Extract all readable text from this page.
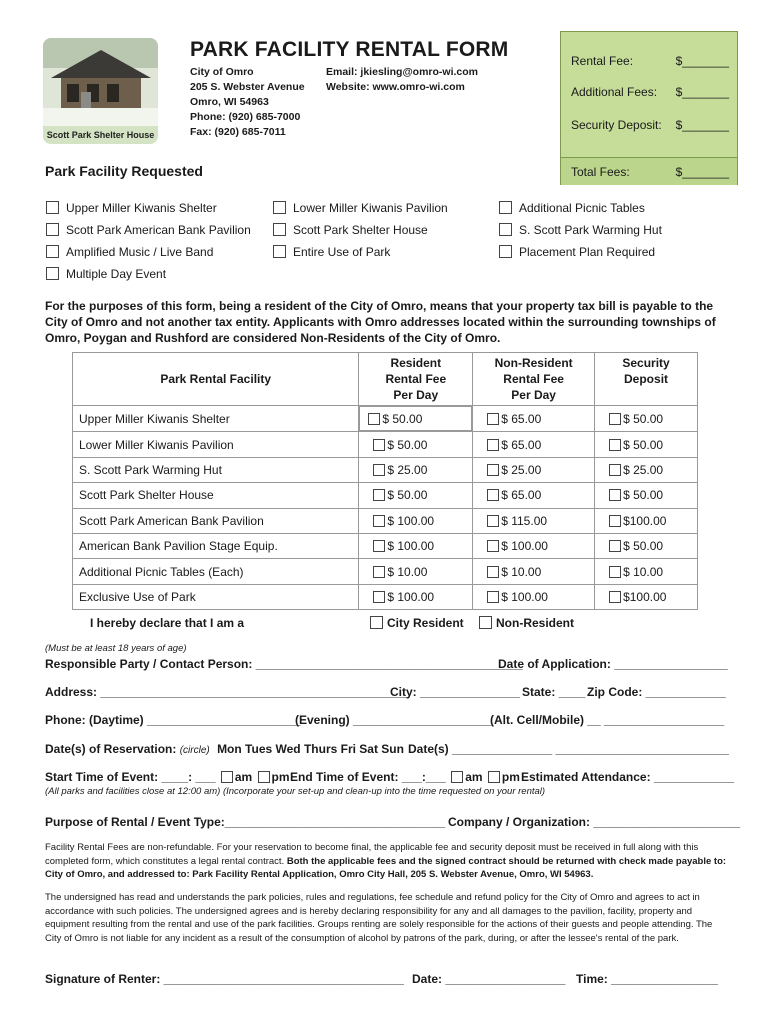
Scott Park Shelter House
PARK FACILITY RENTAL FORM
City of Omro
205 S. Webster Avenue
Omro, WI 54963
Phone: (920) 685-7000
Fax: (920) 685-7011
Email: jkiesling@omro-wi.com
Website: www.omro-wi.com
Rental Fee:	$_______
Additional Fees: $_______
Security Deposit: $_______
Total Fees:	$_______
Park Facility Requested
Upper Miller Kiwanis Shelter	Lower Miller Kiwanis Pavilion	Additional Picnic Tables
Scott Park American Bank Pavilion	Scott Park Shelter House	S. Scott Park Warming Hut
Amplified Music / Live Band	Entire Use of Park	Placement Plan Required
Multiple Day Event
For the purposes of this form, being a resident of the City of Omro, means that your property tax bill is payable to the City of Omro and not another tax entity. Applicants with Omro addresses located within the surrounding townships of Omro, Poygan and Rushford are considered Non-Residents of the City of Omro.
Park Rental Facility	Resident
Rental Fee
Per Day	Non-Resident
Rental Fee
Per Day	Security
Deposit
Upper Miller Kiwanis Shelter		$ 50.00	$ 65.00	$ 50.00

Lower Miller Kiwanis Pavilion	$ 50.00	$ 65.00	$ 50.00

S. Scott Park Warming Hut	$ 25.00	$ 25.00	$ 25.00

Scott Park Shelter House	$ 50.00	$ 65.00	$ 50.00

Scott Park American Bank Pavilion	$ 100.00	$ 115.00	$100.00

American Bank Pavilion Stage Equip.	$ 100.00	$ 100.00	$ 50.00

Additional Picnic Tables (Each)	$ 10.00	$ 10.00	$ 10.00

Exclusive Use of Park	$ 100.00	$ 100.00	$100.00
I hereby declare that I am a	City Resident	Non-Resident
(Must be at least 18 years of age)
Responsible Party / Contact Person: ________________________________________
Date of Application: _________________
Address: ______________________________________________
City: _______________ State: ____ Zip Code: ____________
Phone: (Daytime) _______________________
(Evening) _____________________
(Alt. Cell/Mobile) __ __________________
Date(s) of Reservation: (circle) Mon Tues Wed Thurs Fri Sat Sun Date(s) _______________ __________________________
Start Time of Event: ____: ___ am pm End Time of Event: ___:___ am pm Estimated Attendance: ____________
(All parks and facilities close at 12:00 am) (Incorporate your set-up and clean-up into the time requested on your rental)
Purpose of Rental / Event Type:_________________________________ Company / Organization: ______________________
Facility Rental Fees are non-refundable. For your reservation to become final, the applicable fee and security deposit must be received in full along with this completed form, which constitutes a legal rental contract. Both the applicable fees and the signed contract should be returned with check made payable to: City of Omro, and addressed to: Park Facility Rental Application, Omro City Hall, 205 S. Webster Avenue, Omro, WI 54963.
The undersigned has read and understands the park policies, rules and regulations, fee schedule and refund policy for the City of Omro and agrees to act in accordance with such policies. The undersigned agrees and is hereby declaring responsibility for any and all damages to the pavilion, facility, property and equipment resulting from the rental and use of the park facilities. Groups renting are solely responsible for the actions of their guests and people attending. The City of Omro is not liable for any incident as a result of the consumption of alcohol by patrons of the park, during, or after the lessee's rental of the park.
Signature of Renter: ____________________________________ Date: __________________ Time: ________________
